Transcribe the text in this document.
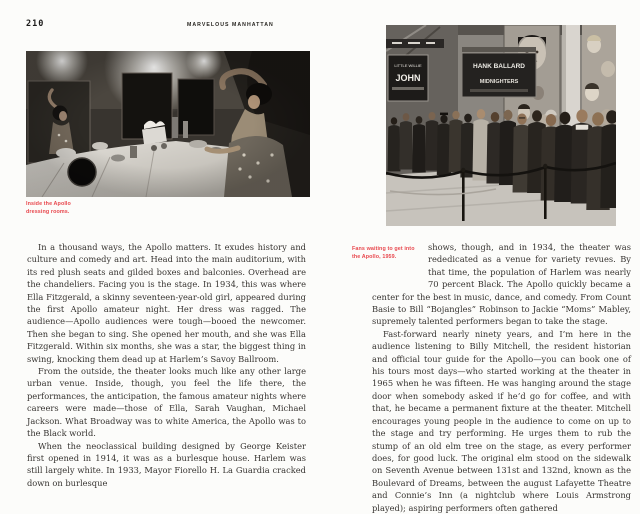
210	MARVELOUS MANHATTAN
Inside the Apollo
dressing rooms.

In a thousand ways, the Apollo matters. It exudes history and culture and comedy and art. Head into the main auditorium, with its red plush seats and gilded boxes and balconies. Overhead are the chandeliers. Facing you is the stage. In 1934, this was where Ella Fitzgerald, a skinny seventeen-year-old girl, appeared during the first Apollo amateur night. Her dress was ragged. The audience—Apollo audiences were tough—booed the newcomer. Then she began to sing. She opened her mouth, and she was Ella Fitzgerald. Within six months, she was a star, the biggest thing in swing, knocking them dead up at Harlem’s Savoy Ballroom.

From the outside, the theater looks much like any other large urban venue. Inside, though, you feel the life there, the performances, the anticipation, the famous amateur nights where careers were made—those of Ella, Sarah Vaughan, Michael Jackson. What Broadway was to white America, the Apollo was to the Black world.

When the neoclassical building designed by George Keister first opened in 1914, it was as a burlesque house. Harlem was still largely white. In 1933, Mayor Fiorello H. La Guardia cracked down on burlesque

LITTLE WILLIE
JOHN
HANK BALLARD
MIDNIGHTERS
Fans waiting to get into
the Apollo, 1959.

shows, though, and in 1934, the theater was rededicated as a venue for variety revues. By that time, the population of Harlem was nearly 70 percent Black. The Apollo quickly became a center for the best in music, dance, and comedy. From Count Basie to Bill “Bojangles” Robinson to Jackie “Moms” Mabley, supremely talented performers began to take the stage.

Fast-forward nearly ninety years, and I’m here in the audience listening to Billy Mitchell, the resident historian and official tour guide for the Apollo—you can book one of his tours most days—who started working at the theater in 1965 when he was fifteen. He was hanging around the stage door when somebody asked if he’d go for coffee, and with that, he became a permanent fixture at the theater. Mitchell encourages young people in the audience to come on up to the stage and try performing. He urges them to rub the stump of an old elm tree on the stage, as every performer does, for good luck. The original elm stood on the sidewalk on Seventh Avenue between 131st and 132nd, known as the Boulevard of Dreams, between the august Lafayette Theatre and Connie’s Inn (a nightclub where Louis Armstrong played); aspiring performers often gathered
